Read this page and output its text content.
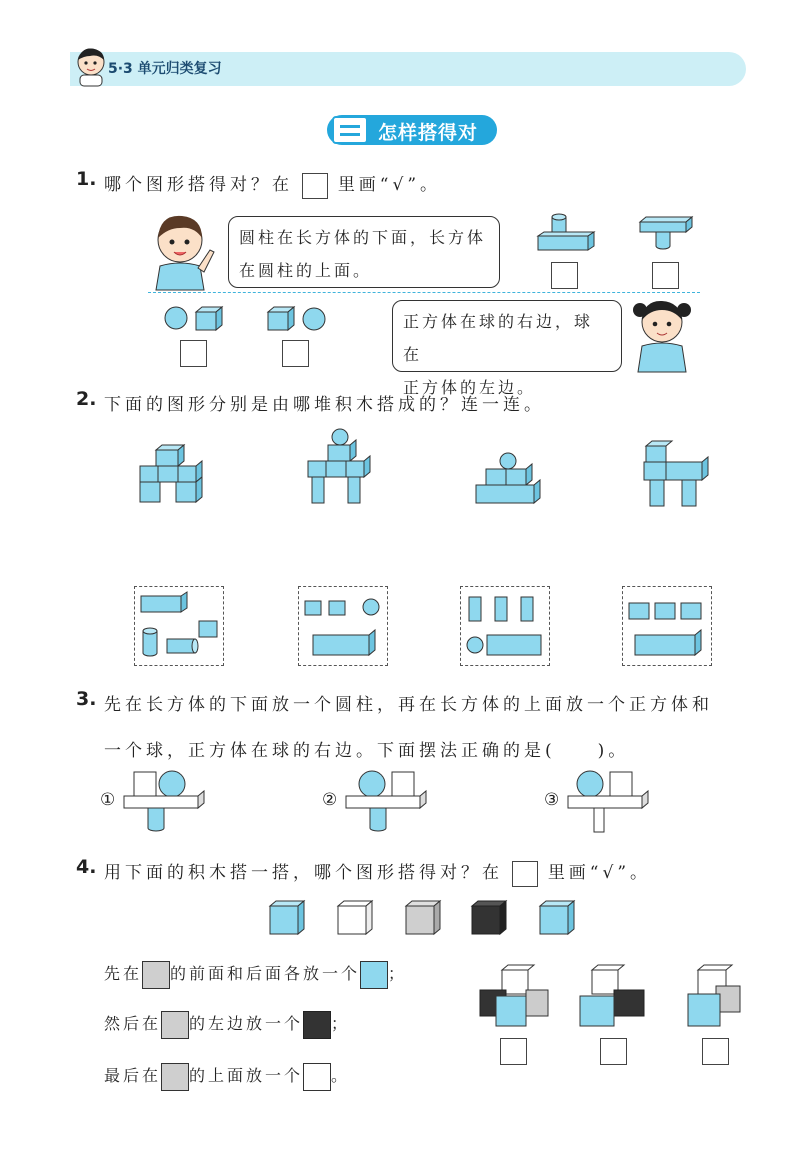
5·3 单元归类复习
怎样搭得对
1. 哪个图形搭得对？在	里画“√”。
圆柱在长方体的下面，长方体
在圆柱的上面。
正方体在球的右边，球在
正方体的左边。
2. 下面的图形分别是由哪堆积木搭成的？连一连。
3. 先在长方体的下面放一个圆柱，再在长方体的上面放一个正方体和
一个球，正方体在球的右边。下面摆法正确的是(　　)。
①	②	③
4. 用下面的积木搭一搭，哪个图形搭得对？在	里画“√”。
先在 的前面和后面各放一个 ；
然后在 的左边放一个 ；
最后在 的上面放一个 。
